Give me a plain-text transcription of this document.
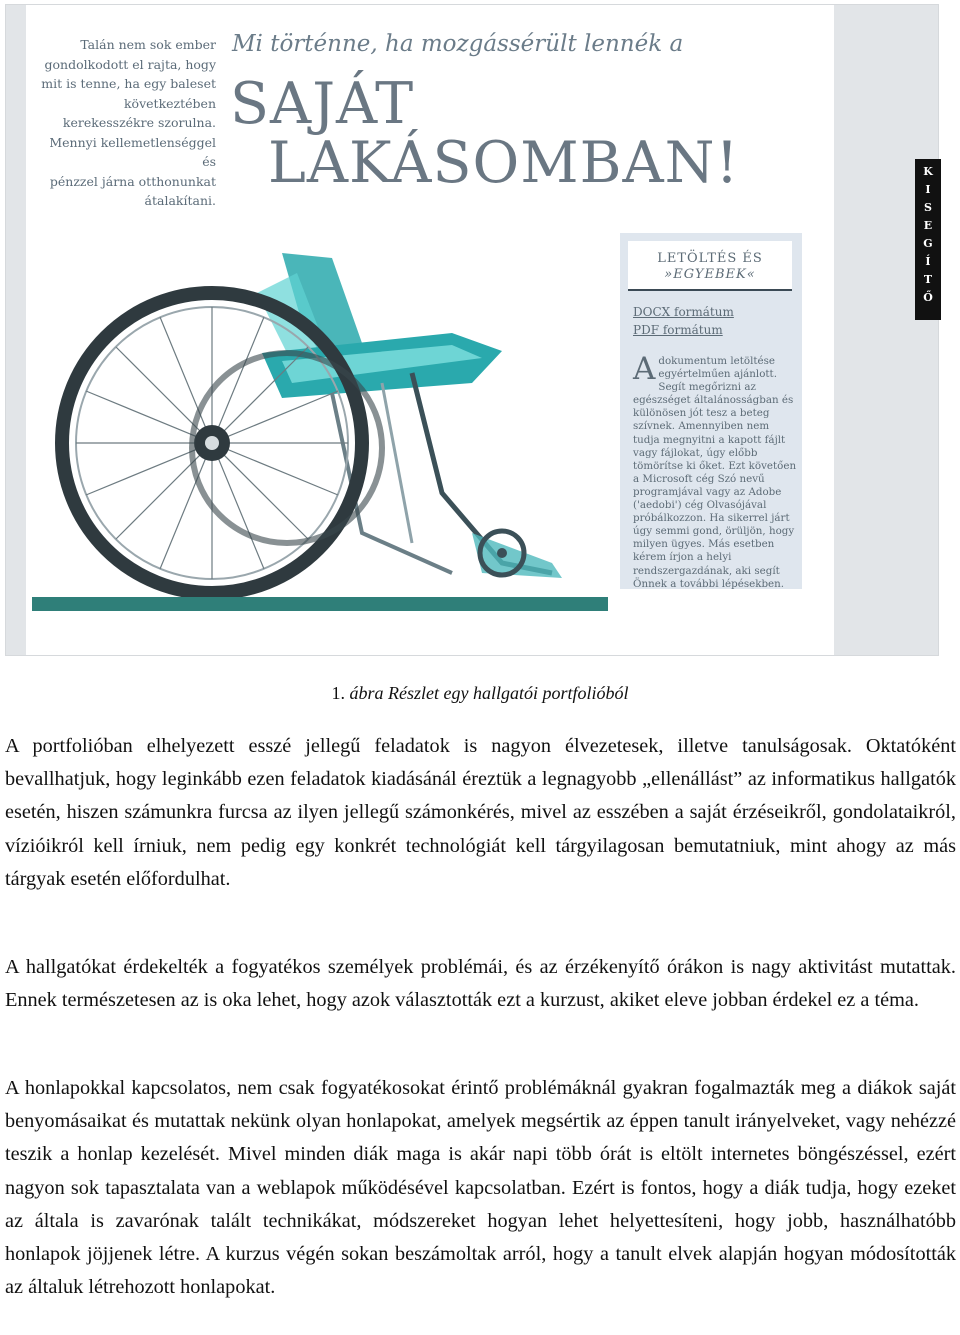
Talán nem sok ember
gondolkodott el rajta, hogy
mit is tenne, ha egy baleset
következtében
kerekesszékre szorulna.
Mennyi kellemetlenséggel és
pénzzel járna otthonunkat
átalakítani.
Mi történne, ha mozgássérült lennék a
SAJÁT
LAKÁSOMBAN!
LETÖLTÉS ÉS
»EGYEBEK«
DOCX formátum
PDF formátum
A dokumentum letöltése egyértelműen ajánlott. Segít megőrizni az egészséget általánosságban és különösen jót tesz a beteg szívnek. Amennyiben nem tudja megnyitni a kapott fájlt vagy fájlokat, úgy előbb tömörítse ki őket. Ezt követően a Microsoft cég Szó nevű programjával vagy az Adobe ('aedobi') cég Olvasójával próbálkozzon. Ha sikerrel járt úgy semmi gond, örüljön, hogy milyen ügyes. Más esetben kérem írjon a helyi rendszergazdának, aki segít Önnek a további lépésekben.
K
I
S
E
G
Í
T
Ő
1. ábra Részlet egy hallgatói portfolióból

A portfolióban elhelyezett esszé jellegű feladatok is nagyon élvezetesek, illetve tanulságosak. Oktatóként bevallhatjuk, hogy leginkább ezen feladatok kiadásánál éreztük a legnagyobb „ellenállást” az informatikus hallgatók esetén, hiszen számunkra furcsa az ilyen jellegű számonkérés, mivel az esszében a saját érzéseikről, gondolataikról, vízióikról kell írniuk, nem pedig egy konkrét technológiát kell tárgyilagosan bemutatniuk, mint ahogy az más tárgyak esetén előfordulhat.

A hallgatókat érdekelték a fogyatékos személyek problémái, és az érzékenyítő órákon is nagy aktivitást mutattak. Ennek természetesen az is oka lehet, hogy azok választották ezt a kurzust, akiket eleve jobban érdekel ez a téma.

A honlapokkal kapcsolatos, nem csak fogyatékosokat érintő problémáknál gyakran fogalmazták meg a diákok saját benyomásaikat és mutattak nekünk olyan honlapokat, amelyek megsértik az éppen tanult irányelveket, vagy nehézzé teszik a honlap kezelését. Mivel minden diák maga is akár napi több órát is eltölt internetes böngészéssel, ezért nagyon sok tapasztalata van a weblapok működésével kapcsolatban. Ezért is fontos, hogy a diák tudja, hogy ezeket az általa is zavarónak talált technikákat, módszereket hogyan lehet helyettesíteni, hogy jobb, használhatóbb honlapok jöjjenek létre. A kurzus végén sokan beszámoltak arról, hogy a tanult elvek alapján hogyan módosították az általuk létrehozott honlapokat.
